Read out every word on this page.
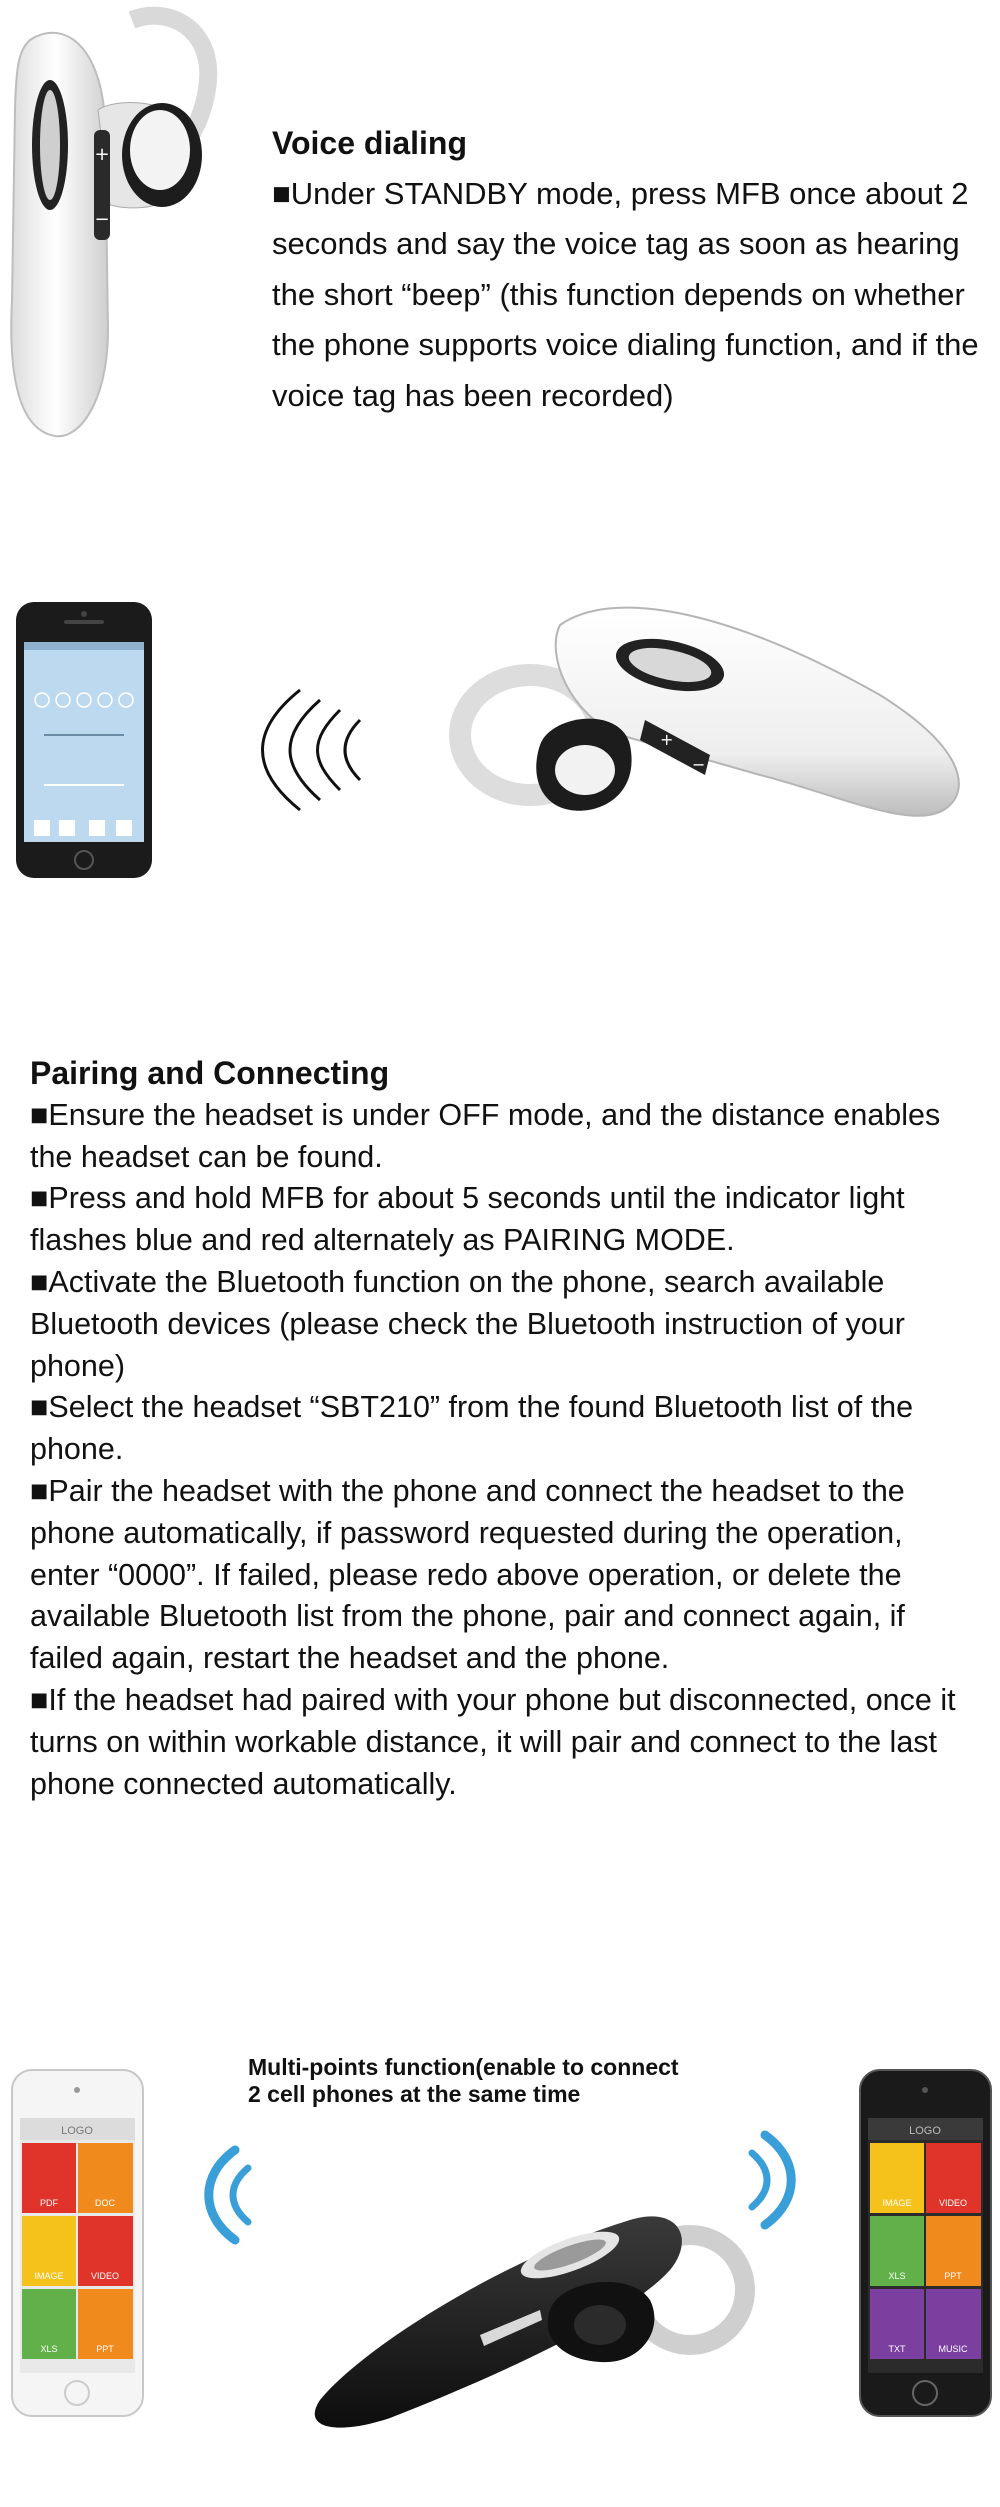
+
−
Voice dialing
■Under STANDBY mode, press MFB once about 2 seconds and say the voice tag as soon as hearing the short “beep” (this function depends on whether the phone supports voice dialing function, and if the voice tag has been recorded)
+
−
Pairing and Connecting

■Ensure the headset is under OFF mode, and the distance enables the headset can be found.

■Press and hold MFB for about 5 seconds until the indicator light flashes blue and red alternately as PAIRING MODE.

■Activate the Bluetooth function on the phone, search available Bluetooth devices (please check the Bluetooth instruction of your phone)

■Select the headset “SBT210” from the found Bluetooth list of the phone.

■Pair the headset with the phone and connect the headset to the phone automatically, if password requested during the operation, enter “0000”. If failed, please redo above operation, or delete the available Bluetooth list from the phone, pair and connect again, if failed again, restart the headset and the phone.

■If the headset had paired with your phone but disconnected, once it turns on within workable distance, it will pair and connect to the last phone connected automatically.

Multi-points function(enable to connect
2 cell phones at the same time
LOGO
PDF	DOC
IMAGE	VIDEO
XLS	PPT
LOGO
IMAGE	VIDEO
XLS	PPT
TXT	MUSIC
